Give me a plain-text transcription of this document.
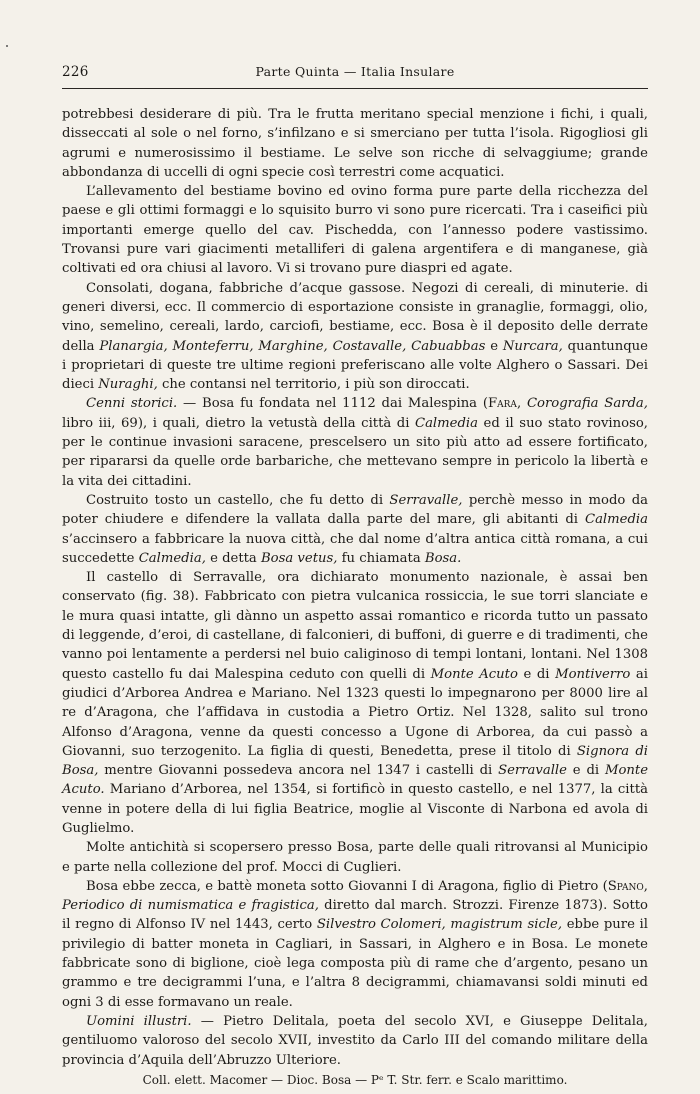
226	Parte Quinta — Italia Insulare

potrebbesi desiderare di più. Tra le frutta meritano special menzione i fichi, i quali, disseccati al sole o nel forno, s’infilzano e si smerciano per tutta l’isola. Rigogliosi gli agrumi e numerosissimo il bestiame. Le selve son ricche di selvaggiume; grande abbondanza di uccelli di ogni specie così terrestri come acquatici.

L’allevamento del bestiame bovino ed ovino forma pure parte della ricchezza del paese e gli ottimi formaggi e lo squisito burro vi sono pure ricercati. Tra i caseifici più importanti emerge quello del cav. Pischedda, con l’annesso podere vastissimo. Trovansi pure vari giacimenti metalliferi di galena argentifera e di manganese, già coltivati ed ora chiusi al lavoro. Vi si trovano pure diaspri ed agate.

Consolati, dogana, fabbriche d’acque gassose. Negozi di cereali, di minuterie. di generi diversi, ecc. Il commercio di esportazione consiste in granaglie, formaggi, olio, vino, semelino, cereali, lardo, carciofi, bestiame, ecc. Bosa è il deposito delle derrate della Planargia, Monteferru, Marghine, Costavalle, Cabuabbas e Nurcara, quantunque i proprietari di queste tre ultime regioni preferiscano alle volte Alghero o Sassari. Dei dieci Nuraghi, che contansi nel territorio, i più son diroccati.

Cenni storici. — Bosa fu fondata nel 1112 dai Malespina (Fara, Corografia Sarda, libro iii, 69), i quali, dietro la vetustà della città di Calmedia ed il suo stato rovinoso, per le continue invasioni saracene, prescelsero un sito più atto ad essere fortificato, per ripararsi da quelle orde barbariche, che mettevano sempre in pericolo la libertà e la vita dei cittadini.

Costruito tosto un castello, che fu detto di Serravalle, perchè messo in modo da poter chiudere e difendere la vallata dalla parte del mare, gli abitanti di Calmedia s’accinsero a fabbricare la nuova città, che dal nome d’altra antica città romana, a cui succedette Calmedia, e detta Bosa vetus, fu chiamata Bosa.

Il castello di Serravalle, ora dichiarato monumento nazionale, è assai ben conservato (fig. 38). Fabbricato con pietra vulcanica rossiccia, le sue torri slanciate e le mura quasi intatte, gli dànno un aspetto assai romantico e ricorda tutto un passato di leggende, d’eroi, di castellane, di falconieri, di buffoni, di guerre e di tradimenti, che vanno poi lentamente a perdersi nel buio caliginoso di tempi lontani, lontani. Nel 1308 questo castello fu dai Malespina ceduto con quelli di Monte Acuto e di Montiverro ai giudici d’Arborea Andrea e Mariano. Nel 1323 questi lo impegnarono per 8000 lire al re d’Aragona, che l’affidava in custodia a Pietro Ortiz. Nel 1328, salito sul trono Alfonso d’Aragona, venne da questi concesso a Ugone di Arborea, da cui passò a Giovanni, suo terzogenito. La figlia di questi, Benedetta, prese il titolo di Signora di Bosa, mentre Giovanni possedeva ancora nel 1347 i castelli di Serravalle e di Monte Acuto. Mariano d’Arborea, nel 1354, si fortificò in questo castello, e nel 1377, la città venne in potere della di lui figlia Beatrice, moglie al Visconte di Narbona ed avola di Guglielmo.

Molte antichità si scopersero presso Bosa, parte delle quali ritrovansi al Municipio e parte nella collezione del prof. Mocci di Cuglieri.

Bosa ebbe zecca, e battè moneta sotto Giovanni I di Aragona, figlio di Pietro (Spano, Periodico di numismatica e fragistica, diretto dal march. Strozzi. Firenze 1873). Sotto il regno di Alfonso IV nel 1443, certo Silvestro Colomeri, magistrum sicle, ebbe pure il privilegio di batter moneta in Cagliari, in Sassari, in Alghero e in Bosa. Le monete fabbricate sono di biglione, cioè lega composta più di rame che d’argento, pesano un grammo e tre decigrammi l’una, e l’altra 8 decigrammi, chiamavansi soldi minuti ed ogni 3 di esse formavano un reale.

Uomini illustri. — Pietro Delitala, poeta del secolo XVI, e Giuseppe Delitala, gentiluomo valoroso del secolo XVII, investito da Carlo III del comando militare della provincia d’Aquila dell’Abruzzo Ulteriore.

Coll. elett. Macomer — Dioc. Bosa — Pᵉ T. Str. ferr. e Scalo marittimo.
